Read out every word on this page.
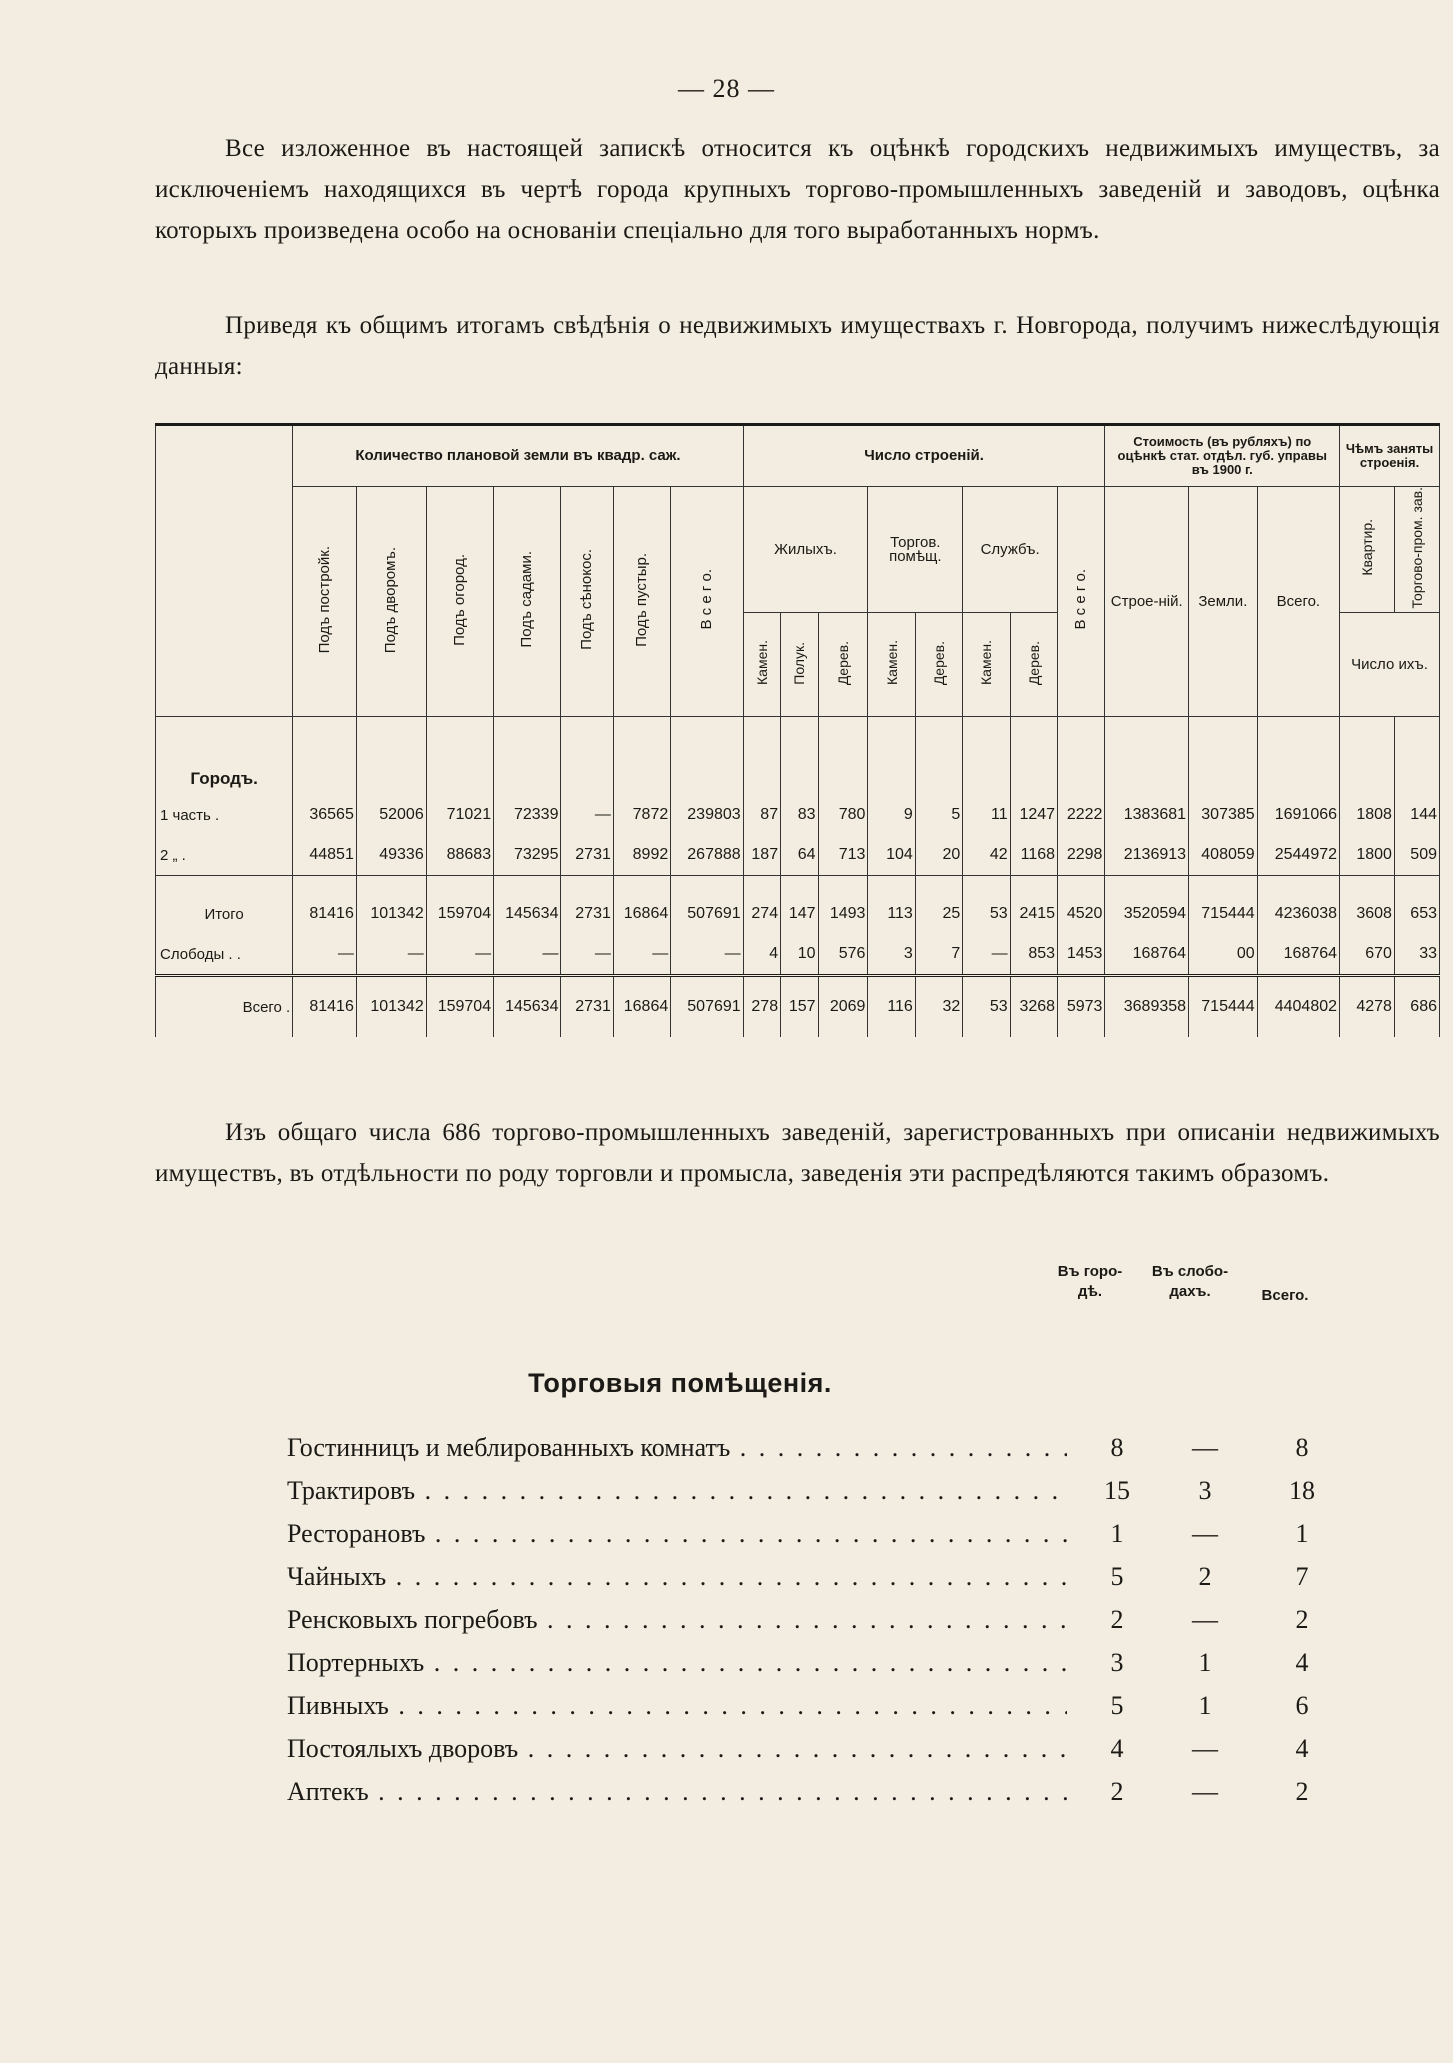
— 28 —
Все изложенное въ настоящей запискѣ относится къ оцѣнкѣ городскихъ недвижимыхъ имуществъ, за исключеніемъ находящихся въ чертѣ города крупныхъ торгово-промышленныхъ заведеній и заводовъ, оцѣнка которыхъ произведена особо на основаніи спеціально для того выработанныхъ нормъ.
Приведя къ общимъ итогамъ свѣдѣнія о недвижимыхъ имуществахъ г. Новгорода, получимъ нижеслѣдующія данныя:
	Количество плановой земли въ квадр. саж.							Число строеній.								Стоимость (въ рубляхъ) по оцѣнкѣ стат. отдѣл. губ. управы въ 1900 г.			Чѣмъ заняты строенія.	
	Подъ постройк.	Подъ дворомъ.	Подъ огород.	Подъ садами.	Подъ сѣнокос.	Подъ пустыр.	В с е г о.	Жилыхъ.			Торгов. помѣщ.		Службъ.		В с е г о.	Строе-ній.	Земли.	Всего.	Квартир.	Торгово-пром. зав.
								Камен.	Полук.	Дерев.	Камен.	Дерев.	Камен.	Дерев.					Число ихъ.	
Городъ.																				
1 часть .	36565	52006	71021	72339	—	7872	239803	87	83	780	9	5	11	1247	2222	1383681	307385	1691066	1808	144
2 „ .	44851	49336	88683	73295	2731	8992	267888	187	64	713	104	20	42	1168	2298	2136913	408059	2544972	1800	509
Итого	81416	101342	159704	145634	2731	16864	507691	274	147	1493	113	25	53	2415	4520	3520594	715444	4236038	3608	653
Слободы . .	—	—	—	—	—	—	—	4	10	576	3	7	—	853	1453	168764	00	168764	670	33
Всего .	81416	101342	159704	145634	2731	16864	507691	278	157	2069	116	32	53	3268	5973	3689358	715444	4404802	4278	686
Изъ общаго числа 686 торгово-промышленныхъ заведеній, зарегистрованныхъ при описаніи недвижимыхъ имуществъ, въ отдѣльности по роду торговли и промысла, заведенія эти распредѣляются такимъ образомъ.
Въ горо-дѣ.
Въ слобо-дахъ.	Всего.
Торговыя помѣщенія.
Гостинницъ и меблированныхъ комнатъ . . .	8	—	8
Трактировъ . . .	15	3	18
Ресторановъ . . .	1	—	1
Чайныхъ . . .	5	2	7
Ренсковыхъ погребовъ . . .	2	—	2
Портерныхъ . . .	3	1	4
Пивныхъ . . .	5	1	6
Постоялыхъ дворовъ . . .	4	—	4
Аптекъ . . .	2	—	2
